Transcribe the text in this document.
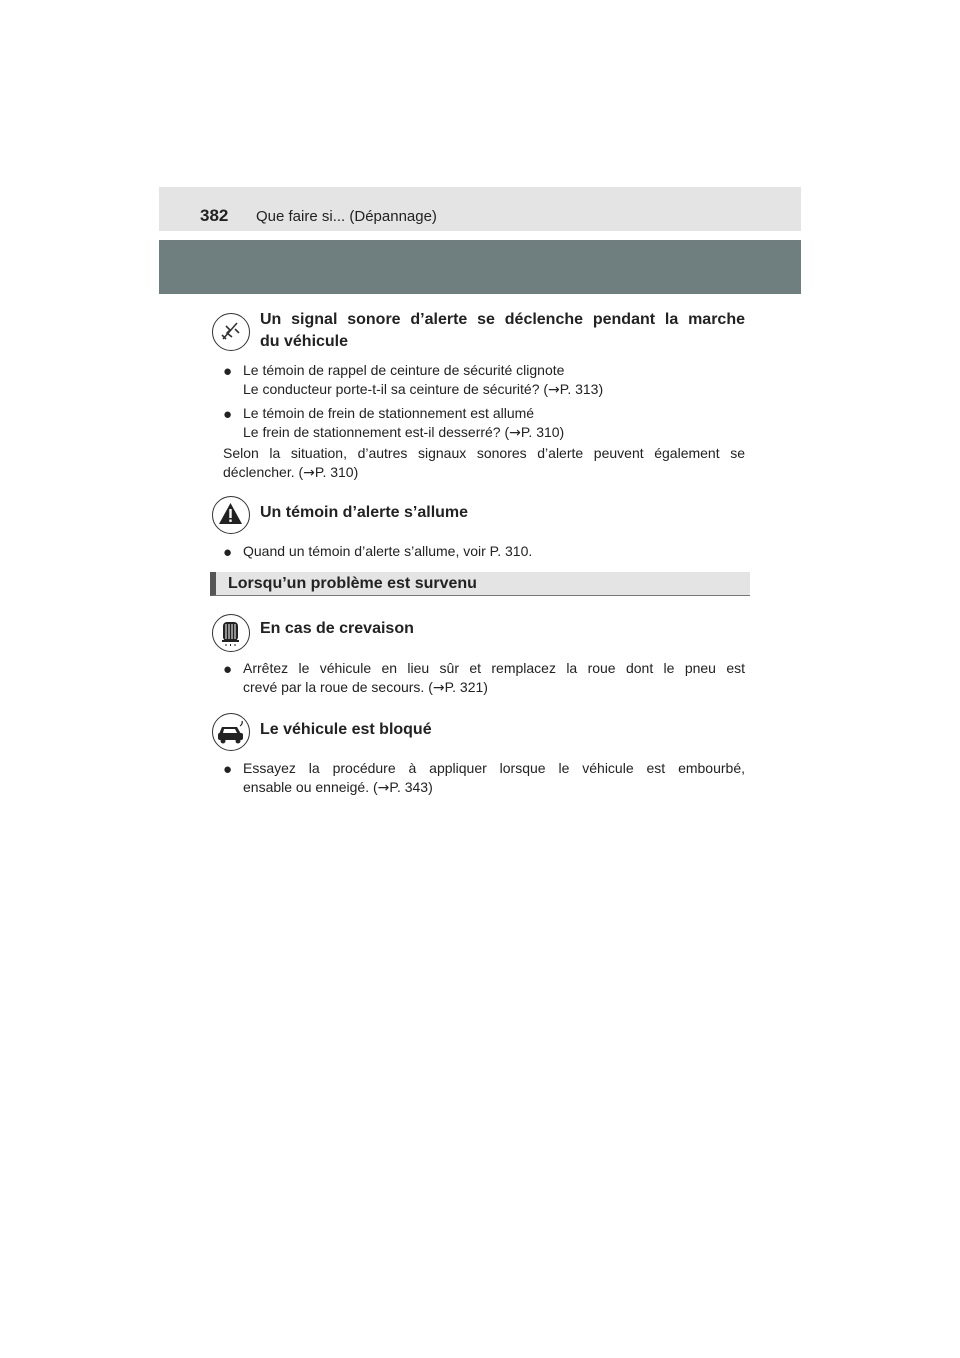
382 Que faire si... (Dépannage)
Un signal sonore d’alerte se déclenche pendant la marche
du véhicule
● Le témoin de rappel de ceinture de sécurité clignote
Le conducteur porte-t-il sa ceinture de sécurité? (→P. 313)
● Le témoin de frein de stationnement est allumé
Le frein de stationnement est-il desserré? (→P. 310)
Selon la situation, d’autres signaux sonores d’alerte peuvent également se
déclencher. (→P. 310)
Un témoin d’alerte s’allume
● Quand un témoin d’alerte s’allume, voir P. 310.
Lorsqu’un problème est survenu
En cas de crevaison
● Arrêtez le véhicule en lieu sûr et remplacez la roue dont le pneu est
crevé par la roue de secours. (→P. 321)
Le véhicule est bloqué
● Essayez la procédure à appliquer lorsque le véhicule est embourbé,
ensable ou enneigé. (→P. 343)
